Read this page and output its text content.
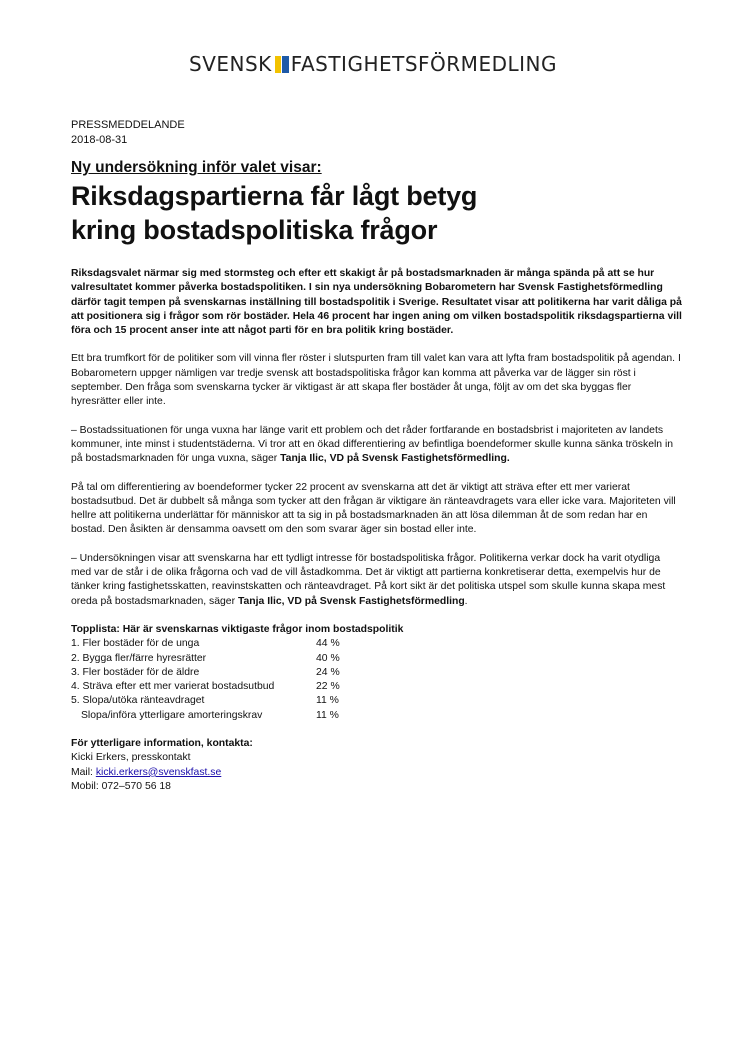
SVENSK FASTIGHETSFÖRMEDLING
PRESSMEDDELANDE
2018-08-31
Ny undersökning inför valet visar:
Riksdagspartierna får lågt betyg
kring bostadspolitiska frågor

Riksdagsvalet närmar sig med stormsteg och efter ett skakigt år på bostadsmarknaden är många spända på att se hur valresultatet kommer påverka bostadspolitiken. I sin nya undersökning Bobarometern har Svensk Fastighetsförmedling därför tagit tempen på svenskarnas inställning till bostadspolitik i Sverige. Resultatet visar att politikerna har varit dåliga på att positionera sig i frågor som rör bostäder. Hela 46 procent har ingen aning om vilken bostadspolitik riksdagspartierna vill föra och 15 procent anser inte att något parti för en bra politik kring bostäder.

Ett bra trumfkort för de politiker som vill vinna fler röster i slutspurten fram till valet kan vara att lyfta fram bostadspolitik på agendan. I Bobarometern uppger nämligen var tredje svensk att bostadspolitiska frågor kan komma att påverka var de lägger sin röst i september. Den fråga som svenskarna tycker är viktigast är att skapa fler bostäder åt unga, följt av om det ska byggas fler hyresrätter eller inte.

– Bostadssituationen för unga vuxna har länge varit ett problem och det råder fortfarande en bostadsbrist i majoriteten av landets kommuner, inte minst i studentstäderna. Vi tror att en ökad differentiering av befintliga boendeformer skulle kunna sänka tröskeln in på bostadsmarknaden för unga vuxna, säger Tanja Ilic, VD på Svensk Fastighetsförmedling.

På tal om differentiering av boendeformer tycker 22 procent av svenskarna att det är viktigt att sträva efter ett mer varierat bostadsutbud. Det är dubbelt så många som tycker att den frågan är viktigare än ränteavdragets vara eller icke vara. Majoriteten vill hellre att politikerna underlättar för människor att ta sig in på bostadsmarknaden än att lösa dilemman åt de som redan har en bostad. Den åsikten är densamma oavsett om den som svarar äger sin bostad eller inte.

– Undersökningen visar att svenskarna har ett tydligt intresse för bostadspolitiska frågor. Politikerna verkar dock ha varit otydliga med var de står i de olika frågorna och vad de vill åstadkomma. Det är viktigt att partierna konkretiserar detta, exempelvis hur de tänker kring fastighetsskatten, reavinstskatten och ränteavdraget. På kort sikt är det politiska utspel som skulle kunna skapa mest oreda på bostadsmarknaden, säger Tanja Ilic, VD på Svensk Fastighetsförmedling.

Topplista: Här är svenskarnas viktigaste frågor inom bostadspolitik
1. Fler bostäder för de unga	44 %
2. Bygga fler/färre hyresrätter	40 %
3. Fler bostäder för de äldre	24 %
4. Sträva efter ett mer varierat bostadsutbud	22 %
5. Slopa/utöka ränteavdraget	11 %
Slopa/införa ytterligare amorteringskrav	11 %
För ytterligare information, kontakta:
Kicki Erkers, presskontakt
Mail: kicki.erkers@svenskfast.se
Mobil: 072–570 56 18
